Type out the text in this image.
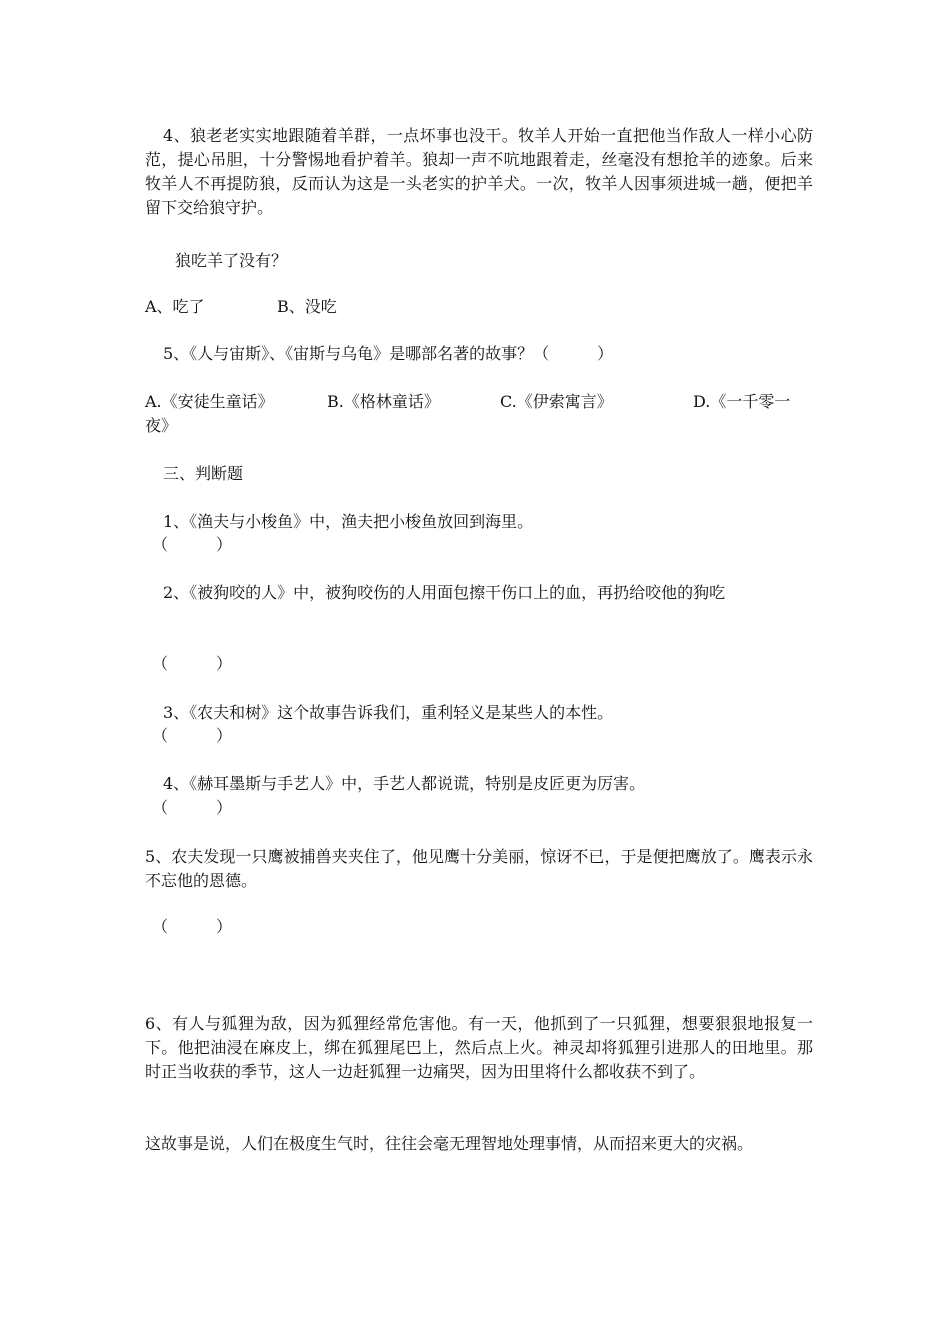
4、狼老老实实地跟随着羊群，一点坏事也没干。牧羊人开始一直把他当作敌人一样小心防范，提心吊胆，十分警惕地看护着羊。狼却一声不吭地跟着走，丝毫没有想抢羊的迹象。后来牧羊人不再提防狼，反而认为这是一头老实的护羊犬。一次，牧羊人因事须进城一趟，便把羊留下交给狼守护。
狼吃羊了没有？
A、吃了	B、没吃
5、《人与宙斯》、《宙斯与乌龟》是哪部名著的故事？（　　　）
A.《安徒生童话》	B.《格林童话》	C.《伊索寓言》	D.《一千零一
夜》
三、判断题
1、《渔夫与小梭鱼》中，渔夫把小梭鱼放回到海里。
（　　　）
2、《被狗咬的人》中，被狗咬伤的人用面包擦干伤口上的血，再扔给咬他的狗吃
（　　　）
3、《农夫和树》这个故事告诉我们，重利轻义是某些人的本性。
（　　　）
4、《赫耳墨斯与手艺人》中，手艺人都说谎，特别是皮匠更为厉害。
（　　　）
5、农夫发现一只鹰被捕兽夹夹住了，他见鹰十分美丽，惊讶不已，于是便把鹰放了。鹰表示永不忘他的恩德。
（　　　）
6、有人与狐狸为敌，因为狐狸经常危害他。有一天，他抓到了一只狐狸，想要狠狠地报复一下。他把油浸在麻皮上，绑在狐狸尾巴上，然后点上火。神灵却将狐狸引进那人的田地里。那时正当收获的季节，这人一边赶狐狸一边痛哭，因为田里将什么都收获不到了。
这故事是说，人们在极度生气时，往往会毫无理智地处理事情，从而招来更大的灾祸。
